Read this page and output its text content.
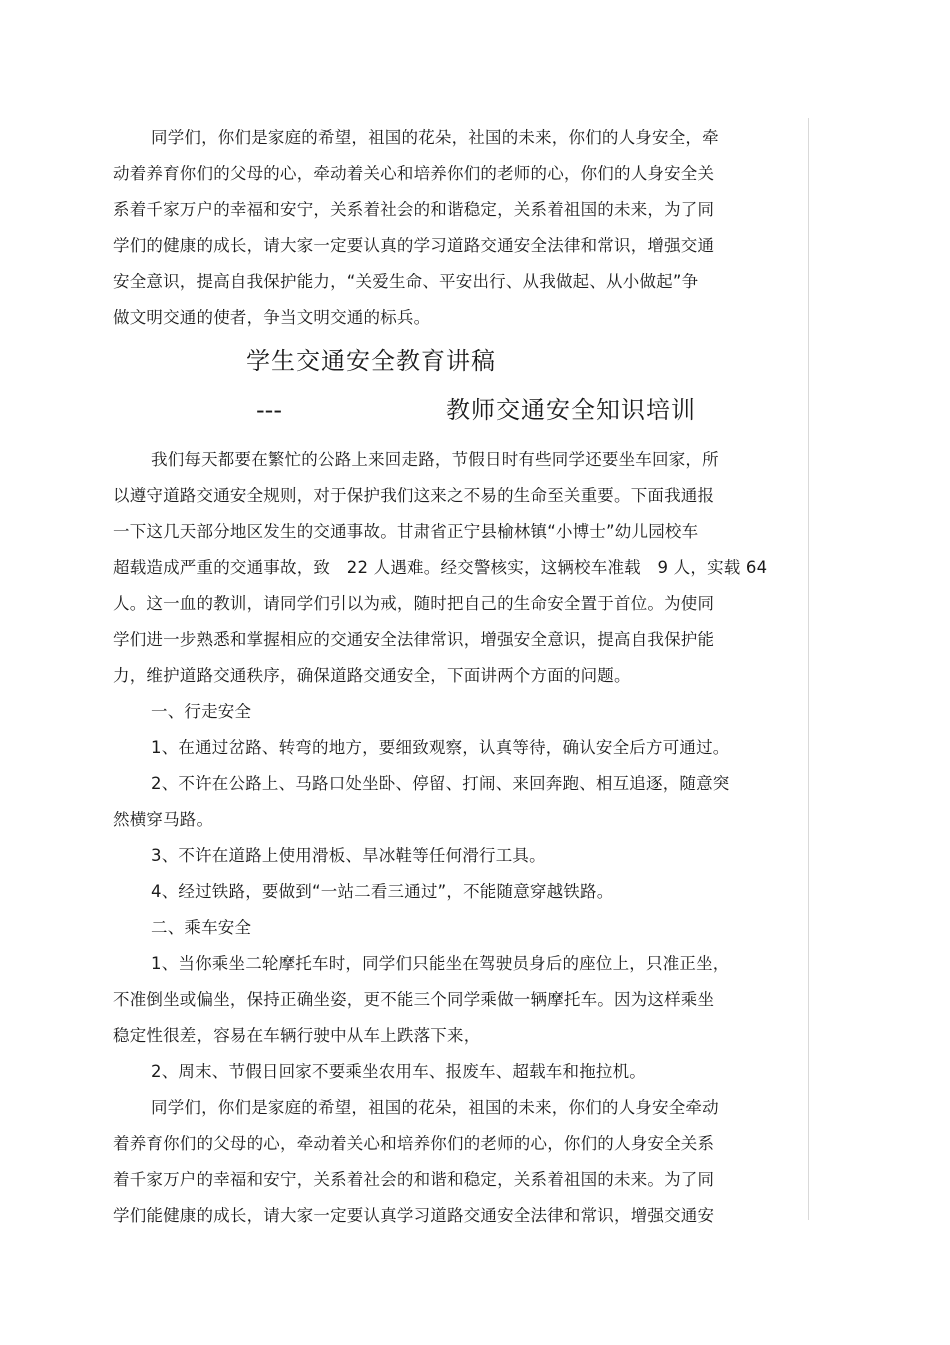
同学们，你们是家庭的希望，祖国的花朵，社国的未来，你们的人身安全，牵
动着养育你们的父母的心，牵动着关心和培养你们的老师的心，你们的人身安全关
系着千家万户的幸福和安宁，关系着社会的和谐稳定，关系着祖国的未来，为了同
学们的健康的成长，请大家一定要认真的学习道路交通安全法律和常识，增强交通
安全意识，提高自我保护能力，“关爱生命、平安出行、从我做起、从小做起”争
做文明交通的使者，争当文明交通的标兵。
学生交通安全教育讲稿
---	教师交通安全知识培训
我们每天都要在繁忙的公路上来回走路，节假日时有些同学还要坐车回家，所
以遵守道路交通安全规则，对于保护我们这来之不易的生命至关重要。下面我通报
一下这几天部分地区发生的交通事故。甘肃省正宁县榆林镇“小博士”幼儿园校车
超载造成严重的交通事故，致　22 人遇难。经交警核实，这辆校车准载　9 人，实载 64
人。这一血的教训，请同学们引以为戒，随时把自己的生命安全置于首位。为使同
学们进一步熟悉和掌握相应的交通安全法律常识，增强安全意识，提高自我保护能
力，维护道路交通秩序，确保道路交通安全，下面讲两个方面的问题。
一、行走安全
1、在通过岔路、转弯的地方，要细致观察，认真等待，确认安全后方可通过。
2、不许在公路上、马路口处坐卧、停留、打闹、来回奔跑、相互追逐，随意突
然横穿马路。
3、不许在道路上使用滑板、旱冰鞋等任何滑行工具。
4、经过铁路，要做到“一站二看三通过”，不能随意穿越铁路。
二、乘车安全
1、当你乘坐二轮摩托车时，同学们只能坐在驾驶员身后的座位上，只准正坐，
不准倒坐或偏坐，保持正确坐姿，更不能三个同学乘做一辆摩托车。因为这样乘坐
稳定性很差，容易在车辆行驶中从车上跌落下来，
2、周末、节假日回家不要乘坐农用车、报废车、超载车和拖拉机。
同学们，你们是家庭的希望，祖国的花朵，祖国的未来，你们的人身安全牵动
着养育你们的父母的心，牵动着关心和培养你们的老师的心，你们的人身安全关系
着千家万户的幸福和安宁，关系着社会的和谐和稳定，关系着祖国的未来。为了同
学们能健康的成长，请大家一定要认真学习道路交通安全法律和常识，增强交通安
